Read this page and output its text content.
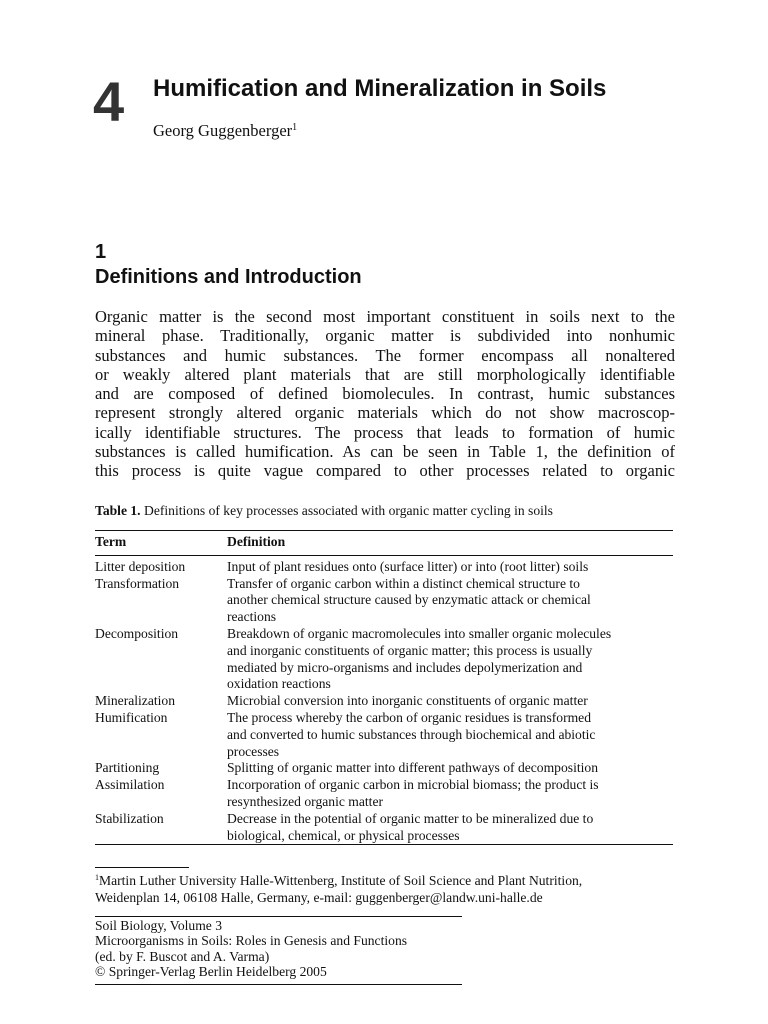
4 Humification and Mineralization in Soils
Georg Guggenberger$^1$
1
Definitions and Introduction
Organic matter is the second most important constituent in soils next to the
mineral phase. Traditionally, organic matter is subdivided into nonhumic
substances and humic substances. The former encompass all nonaltered
or weakly altered plant materials that are still morphologically identifiable
and are composed of defined biomolecules. In contrast, humic substances
represent strongly altered organic materials which do not show macroscop-
ically identifiable structures. The process that leads to formation of humic
substances is called humification. As can be seen in Table 1, the definition of
this process is quite vague compared to other processes related to organic
Table 1. Definitions of key processes associated with organic matter cycling in soils
Term	Definition

Litter deposition	Input of plant residues onto (surface litter) or into (root litter) soils

Transformation	Transfer of organic carbon within a distinct chemical structure to
another chemical structure caused by enzymatic attack or chemical
reactions

Decomposition	Breakdown of organic macromolecules into smaller organic molecules
and inorganic constituents of organic matter; this process is usually
mediated by micro-organisms and includes depolymerization and
oxidation reactions

Mineralization	Microbial conversion into inorganic constituents of organic matter

Humification	The process whereby the carbon of organic residues is transformed
and converted to humic substances through biochemical and abiotic
processes

Partitioning	Splitting of organic matter into different pathways of decomposition

Assimilation	Incorporation of organic carbon in microbial biomass; the product is
resynthesized organic matter

Stabilization	Decrease in the potential of organic matter to be mineralized due to
biological, chemical, or physical processes
$^1$Martin Luther University Halle-Wittenberg, Institute of Soil Science and Plant Nutrition,
Weidenplan 14, 06108 Halle, Germany, e-mail: guggenberger@landw.uni-halle.de
Soil Biology, Volume 3
Microorganisms in Soils: Roles in Genesis and Functions
(ed. by F. Buscot and A. Varma)
© Springer-Verlag Berlin Heidelberg 2005
